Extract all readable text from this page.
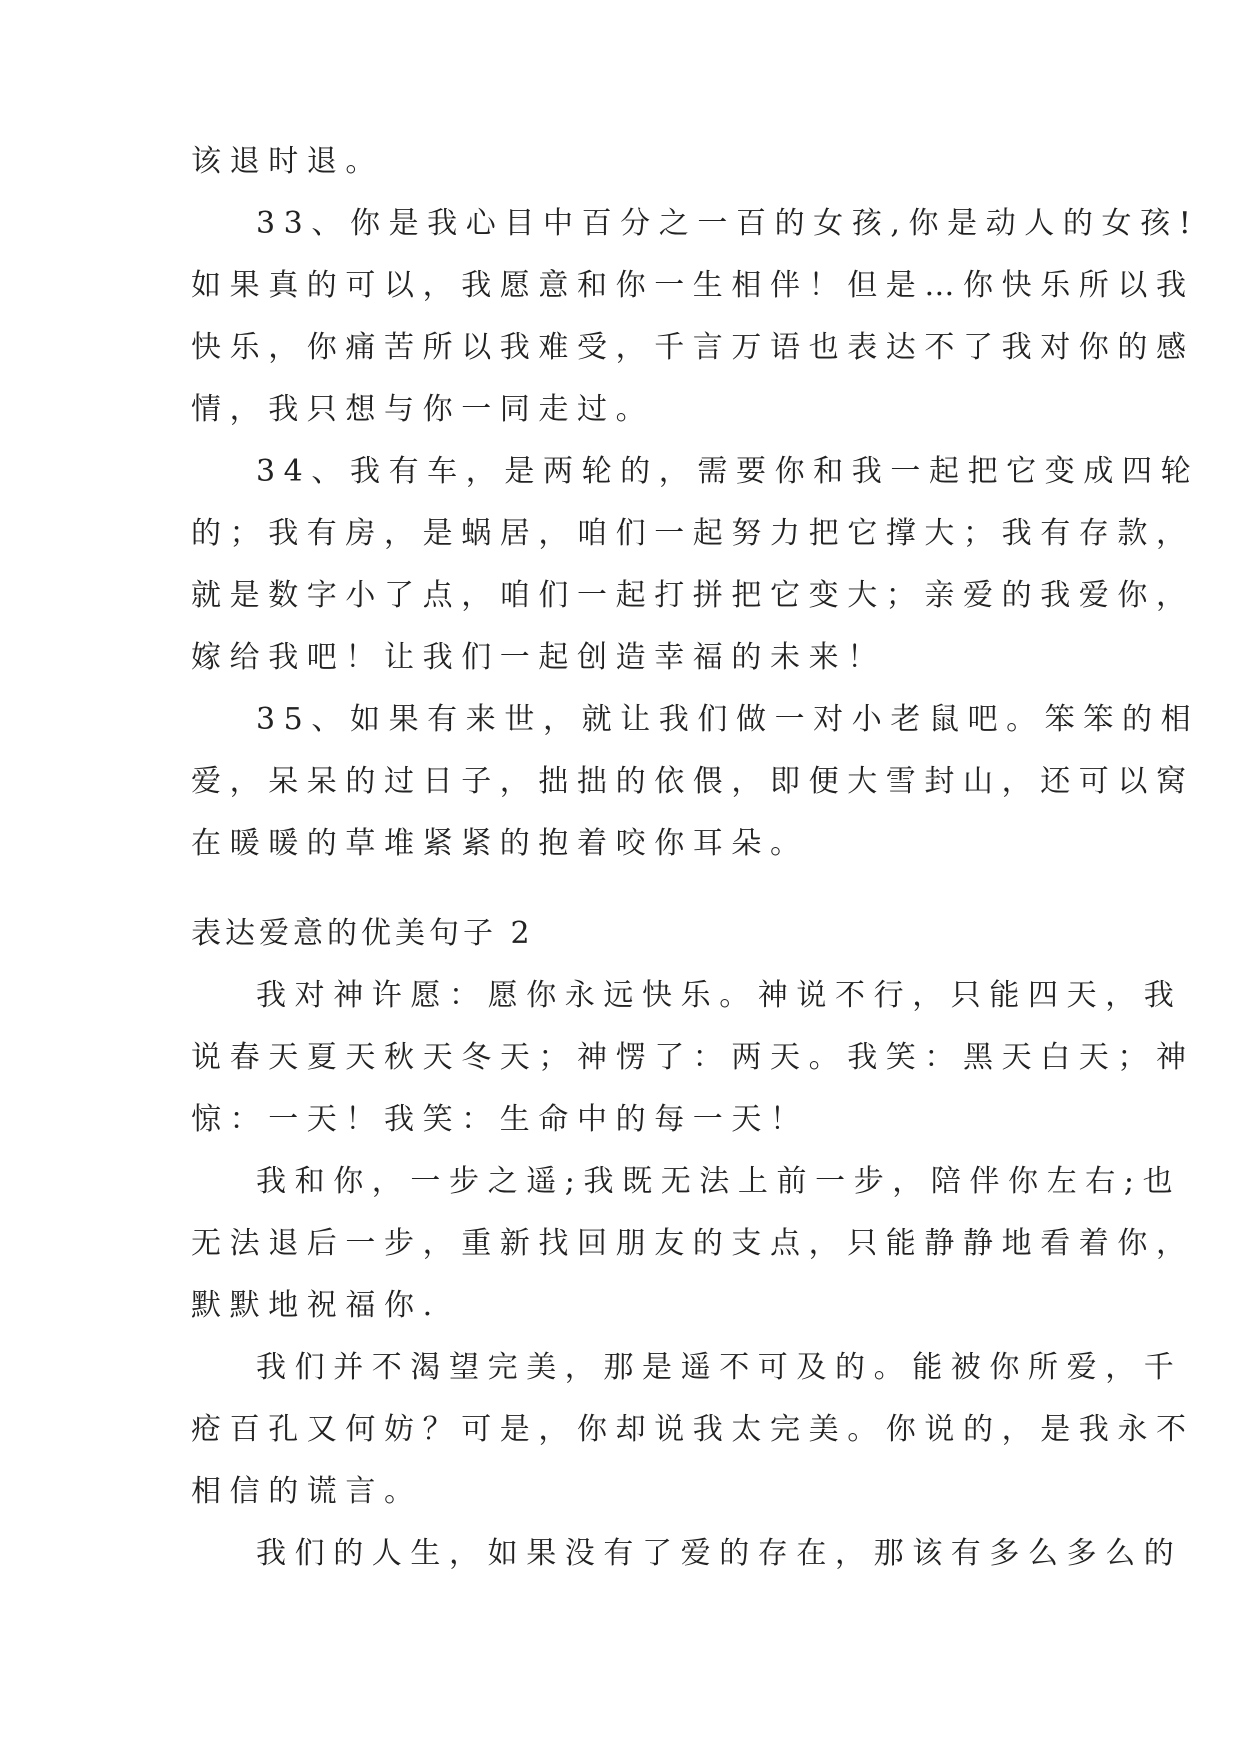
该退时退。
33、你是我心目中百分之一百的女孩,你是动人的女孩!
如果真的可以，我愿意和你一生相伴！但是…你快乐所以我
快乐，你痛苦所以我难受，千言万语也表达不了我对你的感
情，我只想与你一同走过。
34、我有车，是两轮的，需要你和我一起把它变成四轮
的；我有房，是蜗居，咱们一起努力把它撑大；我有存款，
就是数字小了点，咱们一起打拼把它变大；亲爱的我爱你，
嫁给我吧！让我们一起创造幸福的未来！
35、如果有来世，就让我们做一对小老鼠吧。笨笨的相
爱，呆呆的过日子，拙拙的依偎，即便大雪封山，还可以窝
在暖暖的草堆紧紧的抱着咬你耳朵。
表达爱意的优美句子 2
我对神许愿：愿你永远快乐。神说不行，只能四天，我
说春天夏天秋天冬天；神愣了：两天。我笑：黑天白天；神
惊：一天！我笑：生命中的每一天！
我和你，一步之遥;我既无法上前一步，陪伴你左右;也
无法退后一步，重新找回朋友的支点，只能静静地看着你，
默默地祝福你.
我们并不渴望完美，那是遥不可及的。能被你所爱，千
疮百孔又何妨？可是，你却说我太完美。你说的，是我永不
相信的谎言。
我们的人生，如果没有了爱的存在，那该有多么多么的
